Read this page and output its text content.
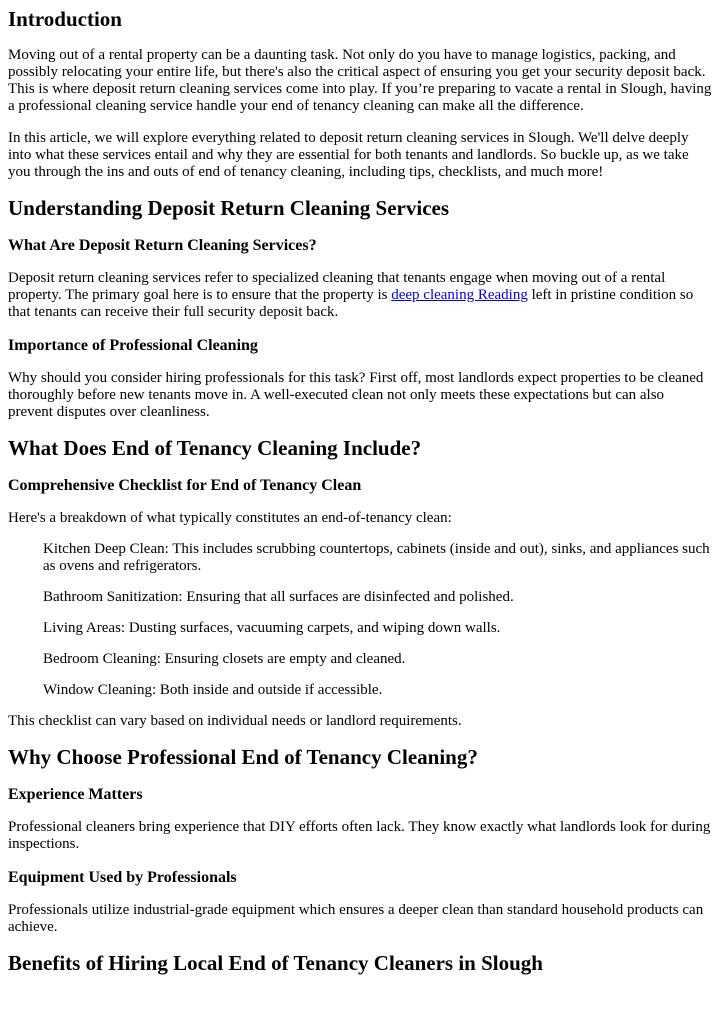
Introduction

Moving out of a rental property can be a daunting task. Not only do you have to manage logistics, packing, and possibly relocating your entire life, but there's also the critical aspect of ensuring you get your security deposit back. This is where deposit return cleaning services come into play. If you’re preparing to vacate a rental in Slough, having a professional cleaning service handle your end of tenancy cleaning can make all the difference.

In this article, we will explore everything related to deposit return cleaning services in Slough. We'll delve deeply into what these services entail and why they are essential for both tenants and landlords. So buckle up, as we take you through the ins and outs of end of tenancy cleaning, including tips, checklists, and much more!

Understanding Deposit Return Cleaning Services
What Are Deposit Return Cleaning Services?

Deposit return cleaning services refer to specialized cleaning that tenants engage when moving out of a rental property. The primary goal here is to ensure that the property is deep cleaning Reading left in pristine condition so that tenants can receive their full security deposit back.

Importance of Professional Cleaning

Why should you consider hiring professionals for this task? First off, most landlords expect properties to be cleaned thoroughly before new tenants move in. A well-executed clean not only meets these expectations but can also prevent disputes over cleanliness.

What Does End of Tenancy Cleaning Include?
Comprehensive Checklist for End of Tenancy Clean

Here's a breakdown of what typically constitutes an end-of-tenancy clean:

Kitchen Deep Clean: This includes scrubbing countertops, cabinets (inside and out), sinks, and appliances such as ovens and refrigerators.
Bathroom Sanitization: Ensuring that all surfaces are disinfected and polished.
Living Areas: Dusting surfaces, vacuuming carpets, and wiping down walls.
Bedroom Cleaning: Ensuring closets are empty and cleaned.
Window Cleaning: Both inside and outside if accessible.

This checklist can vary based on individual needs or landlord requirements.

Why Choose Professional End of Tenancy Cleaning?
Experience Matters

Professional cleaners bring experience that DIY efforts often lack. They know exactly what landlords look for during inspections.

Equipment Used by Professionals

Professionals utilize industrial-grade equipment which ensures a deeper clean than standard household products can achieve.

Benefits of Hiring Local End of Tenancy Cleaners in Slough
